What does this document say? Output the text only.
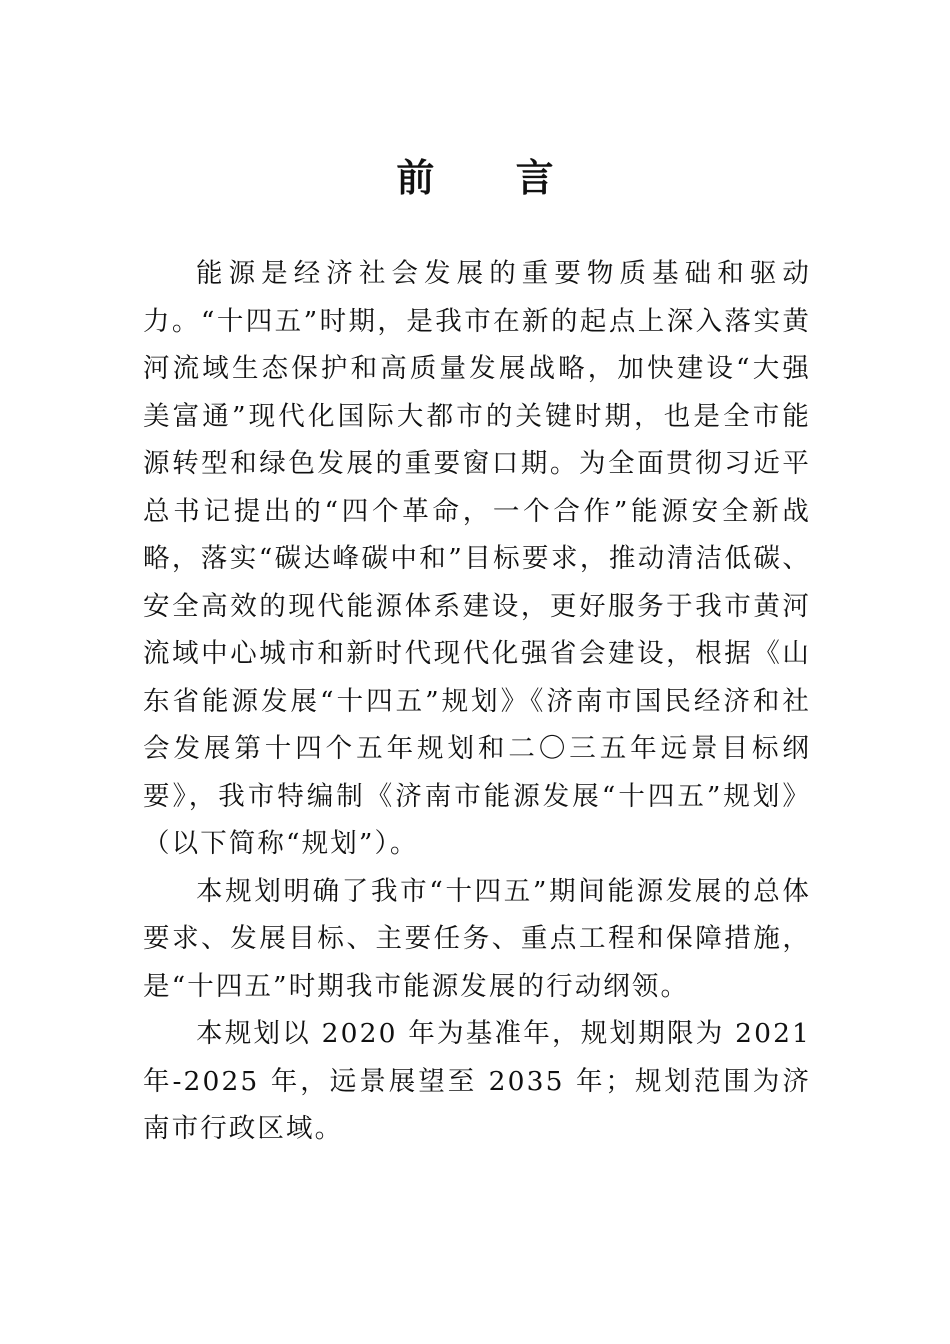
前 言

能源是经济社会发展的重要物质基础和驱动力。“十四五”时期，是我市在新的起点上深入落实黄河流域生态保护和高质量发展战略，加快建设“大强美富通”现代化国际大都市的关键时期，也是全市能源转型和绿色发展的重要窗口期。为全面贯彻习近平总书记提出的“四个革命，一个合作”能源安全新战略，落实“碳达峰碳中和”目标要求，推动清洁低碳、安全高效的现代能源体系建设，更好服务于我市黄河流域中心城市和新时代现代化强省会建设，根据《山东省能源发展“十四五”规划》《济南市国民经济和社会发展第十四个五年规划和二〇三五年远景目标纲要》，我市特编制《济南市能源发展“十四五”规划》（以下简称“规划”）。

本规划明确了我市“十四五”期间能源发展的总体要求、发展目标、主要任务、重点工程和保障措施，是“十四五”时期我市能源发展的行动纲领。

本规划以 2020 年为基准年，规划期限为 2021 年-2025 年，远景展望至 2035 年；规划范围为济南市行政区域。
